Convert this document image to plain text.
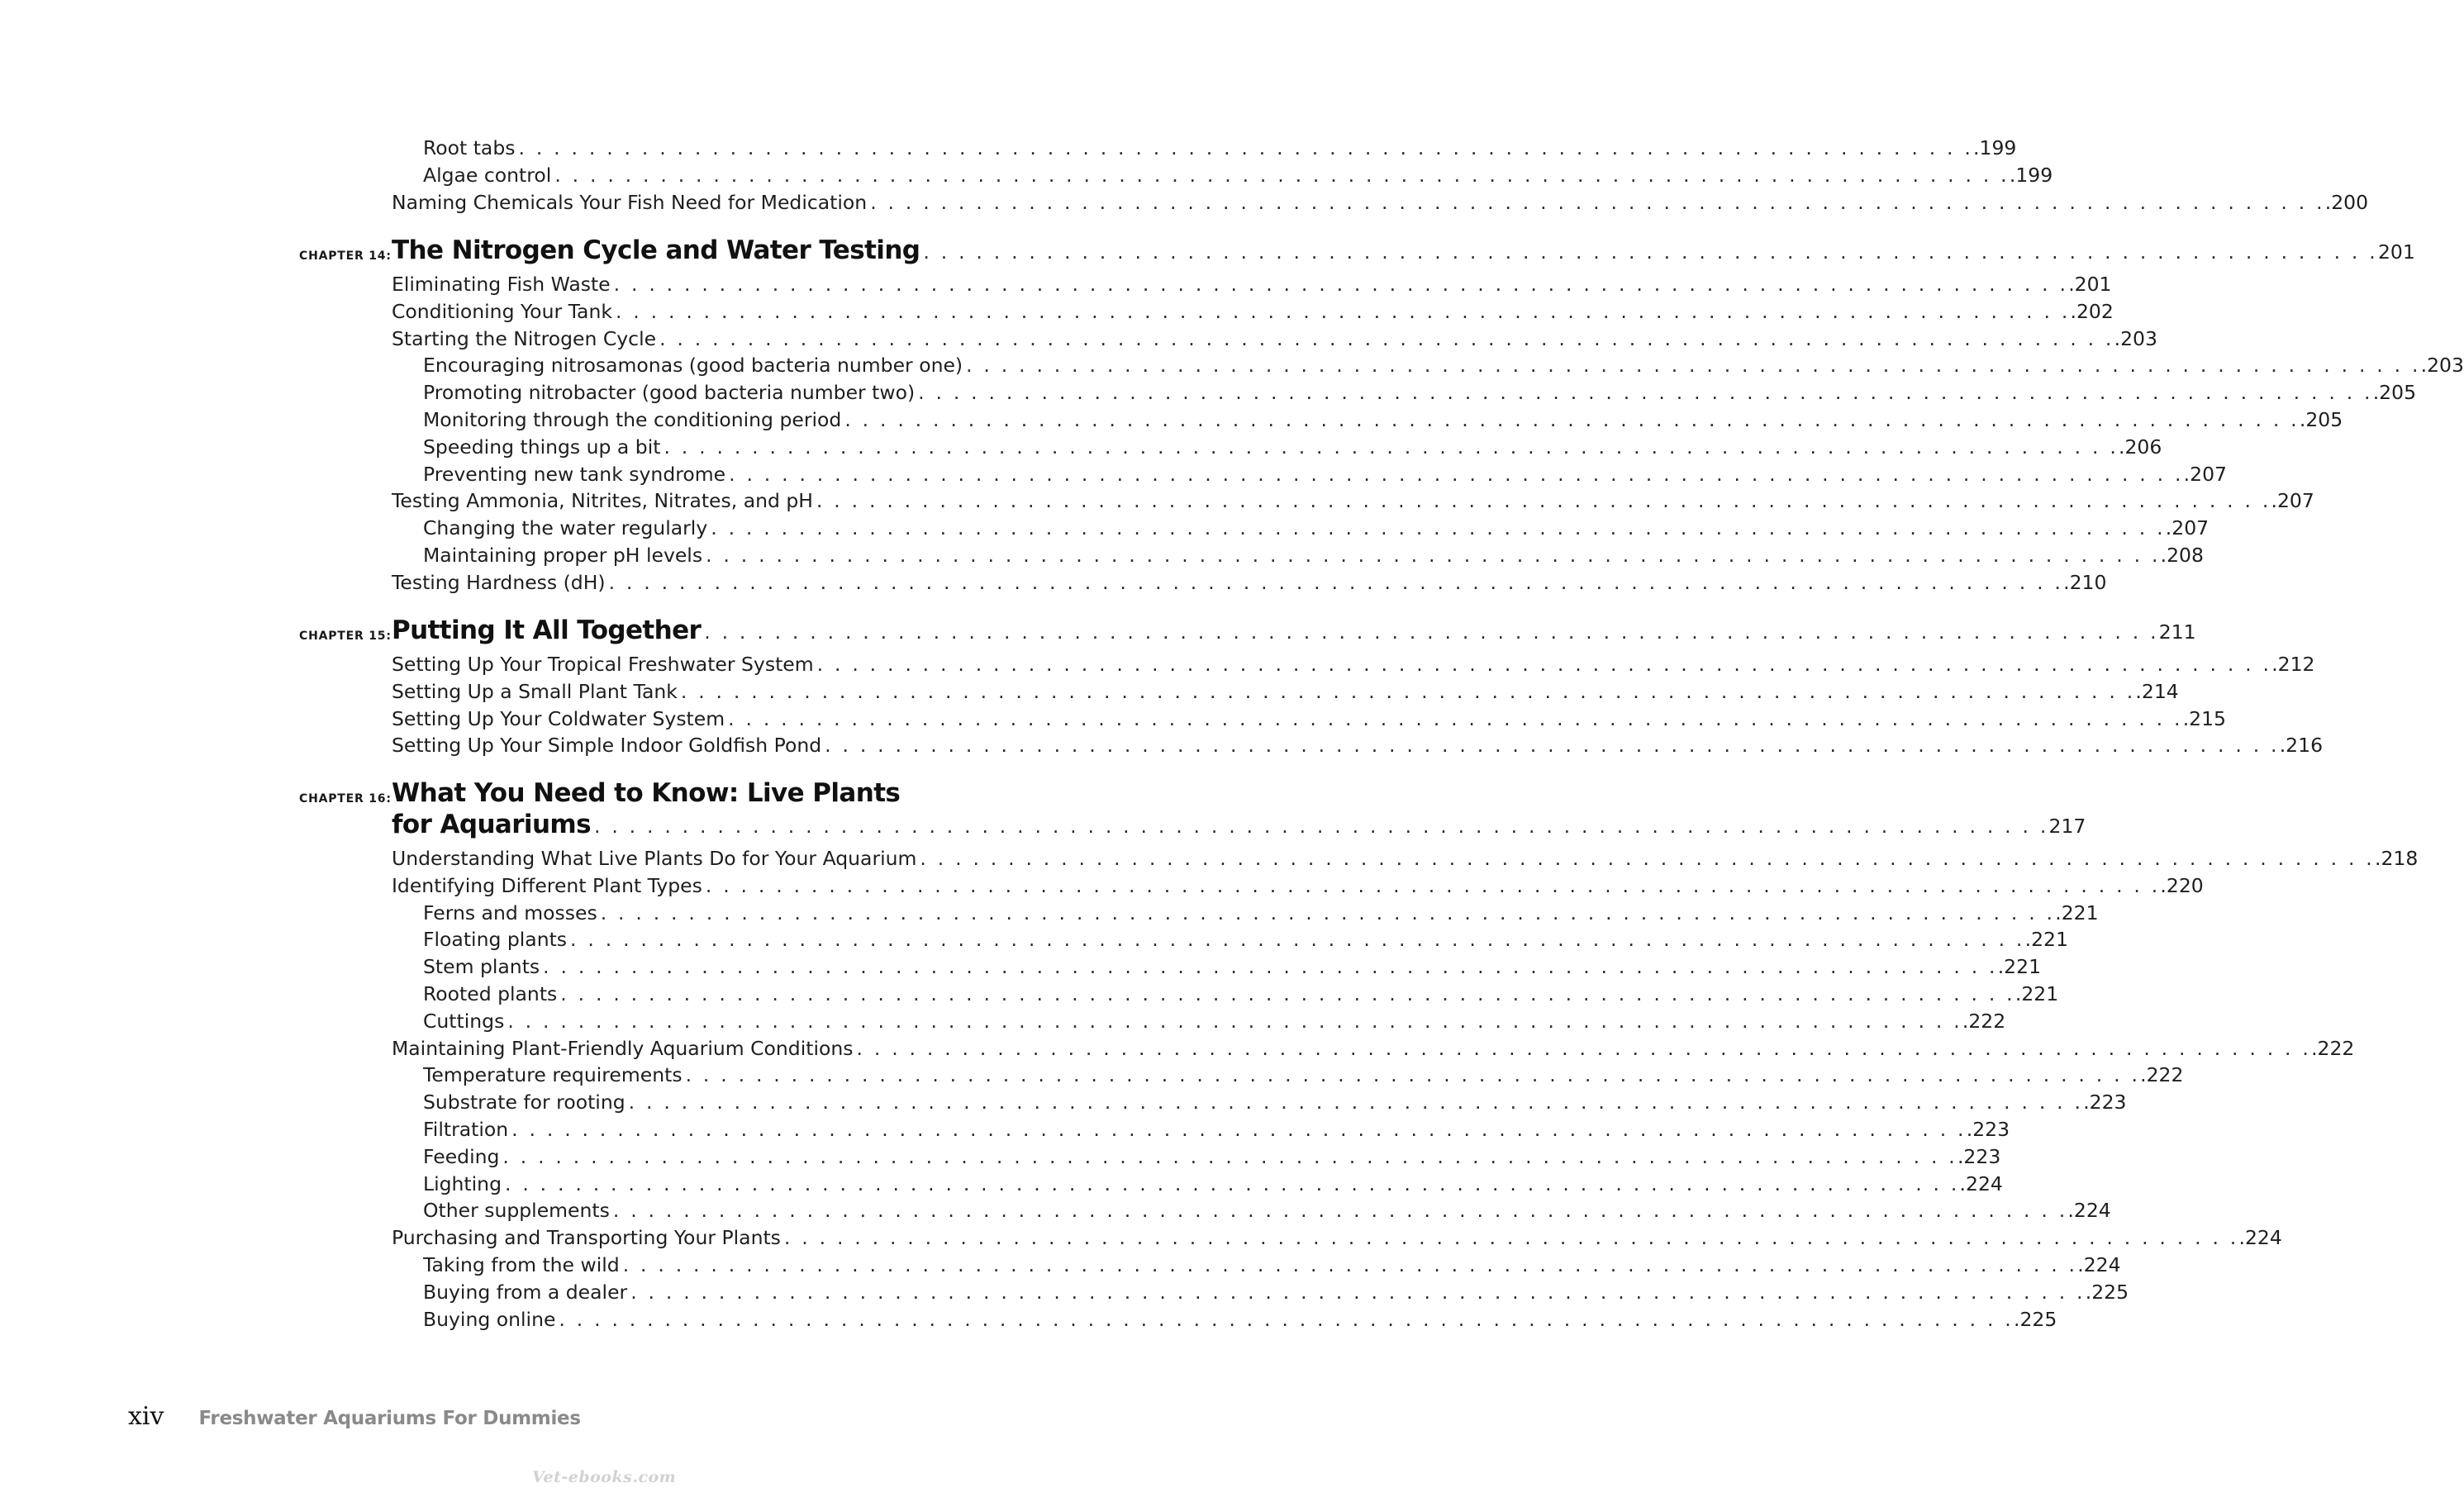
Root tabs . . . . . . . . . . . . . . . . . . . . . . . . . . . . . . . . . . . . . . . . . . . . . . . . . . . . . . . . . . . . . . . . . . . . . . . . . . . . . . . . . . . .199
Algae control . . . . . . . . . . . . . . . . . . . . . . . . . . . . . . . . . . . . . . . . . . . . . . . . . . . . . . . . . . . . . . . . . . . . . . . . . . . . . . . . . . . .199
Naming Chemicals Your Fish Need for Medication . . . . . . . . . . . . . . . . . . . . . . . . . . . . . . . . . . . . . . . . . . . . . . . . . . . . . . . . . . . . . . . . . . . . . . . . . . . . . . . . . . . .200
CHAPTER 14: The Nitrogen Cycle and Water Testing . . . . . . . . . . . . . . . . . . . . . . . . . . . . . . . . . . . . . . . . . . . . . . . . . . . . . . . . . . . . . . . . . . . . . . . . . . . . . . . . . . . 201
Eliminating Fish Waste . . . . . . . . . . . . . . . . . . . . . . . . . . . . . . . . . . . . . . . . . . . . . . . . . . . . . . . . . . . . . . . . . . . . . . . . . . . . . . . . . . . .201
Conditioning Your Tank . . . . . . . . . . . . . . . . . . . . . . . . . . . . . . . . . . . . . . . . . . . . . . . . . . . . . . . . . . . . . . . . . . . . . . . . . . . . . . . . . . . .202
Starting the Nitrogen Cycle . . . . . . . . . . . . . . . . . . . . . . . . . . . . . . . . . . . . . . . . . . . . . . . . . . . . . . . . . . . . . . . . . . . . . . . . . . . . . . . . . . . .203
Encouraging nitrosamonas (good bacteria number one) . . . . . . . . . . . . . . . . . . . . . . . . . . . . . . . . . . . . . . . . . . . . . . . . . . . . . . . . . . . . . . . . . . . . . . . . . . . . . . . . . . . .203
Promoting nitrobacter (good bacteria number two) . . . . . . . . . . . . . . . . . . . . . . . . . . . . . . . . . . . . . . . . . . . . . . . . . . . . . . . . . . . . . . . . . . . . . . . . . . . . . . . . . . . .205
Monitoring through the conditioning period . . . . . . . . . . . . . . . . . . . . . . . . . . . . . . . . . . . . . . . . . . . . . . . . . . . . . . . . . . . . . . . . . . . . . . . . . . . . . . . . . . . .205
Speeding things up a bit . . . . . . . . . . . . . . . . . . . . . . . . . . . . . . . . . . . . . . . . . . . . . . . . . . . . . . . . . . . . . . . . . . . . . . . . . . . . . . . . . . . .206
Preventing new tank syndrome . . . . . . . . . . . . . . . . . . . . . . . . . . . . . . . . . . . . . . . . . . . . . . . . . . . . . . . . . . . . . . . . . . . . . . . . . . . . . . . . . . . .207
Testing Ammonia, Nitrites, Nitrates, and pH . . . . . . . . . . . . . . . . . . . . . . . . . . . . . . . . . . . . . . . . . . . . . . . . . . . . . . . . . . . . . . . . . . . . . . . . . . . . . . . . . . . .207
Changing the water regularly . . . . . . . . . . . . . . . . . . . . . . . . . . . . . . . . . . . . . . . . . . . . . . . . . . . . . . . . . . . . . . . . . . . . . . . . . . . . . . . . . . . .207
Maintaining proper pH levels . . . . . . . . . . . . . . . . . . . . . . . . . . . . . . . . . . . . . . . . . . . . . . . . . . . . . . . . . . . . . . . . . . . . . . . . . . . . . . . . . . . .208
Testing Hardness (dH) . . . . . . . . . . . . . . . . . . . . . . . . . . . . . . . . . . . . . . . . . . . . . . . . . . . . . . . . . . . . . . . . . . . . . . . . . . . . . . . . . . . .210
CHAPTER 15: Putting It All Together . . . . . . . . . . . . . . . . . . . . . . . . . . . . . . . . . . . . . . . . . . . . . . . . . . . . . . . . . . . . . . . . . . . . . . . . . . . . . . . . . . . 211
Setting Up Your Tropical Freshwater System . . . . . . . . . . . . . . . . . . . . . . . . . . . . . . . . . . . . . . . . . . . . . . . . . . . . . . . . . . . . . . . . . . . . . . . . . . . . . . . . . . . .212
Setting Up a Small Plant Tank . . . . . . . . . . . . . . . . . . . . . . . . . . . . . . . . . . . . . . . . . . . . . . . . . . . . . . . . . . . . . . . . . . . . . . . . . . . . . . . . . . . .214
Setting Up Your Coldwater System . . . . . . . . . . . . . . . . . . . . . . . . . . . . . . . . . . . . . . . . . . . . . . . . . . . . . . . . . . . . . . . . . . . . . . . . . . . . . . . . . . . .215
Setting Up Your Simple Indoor Goldfish Pond . . . . . . . . . . . . . . . . . . . . . . . . . . . . . . . . . . . . . . . . . . . . . . . . . . . . . . . . . . . . . . . . . . . . . . . . . . . . . . . . . . . .216
CHAPTER 16: What You Need to Know: Live Plants
for Aquariums . . . . . . . . . . . . . . . . . . . . . . . . . . . . . . . . . . . . . . . . . . . . . . . . . . . . . . . . . . . . . . . . . . . . . . . . . . . . . . . . . . . 217
Understanding What Live Plants Do for Your Aquarium . . . . . . . . . . . . . . . . . . . . . . . . . . . . . . . . . . . . . . . . . . . . . . . . . . . . . . . . . . . . . . . . . . . . . . . . . . . . . . . . . . . .218
Identifying Different Plant Types . . . . . . . . . . . . . . . . . . . . . . . . . . . . . . . . . . . . . . . . . . . . . . . . . . . . . . . . . . . . . . . . . . . . . . . . . . . . . . . . . . . .220
Ferns and mosses . . . . . . . . . . . . . . . . . . . . . . . . . . . . . . . . . . . . . . . . . . . . . . . . . . . . . . . . . . . . . . . . . . . . . . . . . . . . . . . . . . . .221
Floating plants . . . . . . . . . . . . . . . . . . . . . . . . . . . . . . . . . . . . . . . . . . . . . . . . . . . . . . . . . . . . . . . . . . . . . . . . . . . . . . . . . . . .221
Stem plants . . . . . . . . . . . . . . . . . . . . . . . . . . . . . . . . . . . . . . . . . . . . . . . . . . . . . . . . . . . . . . . . . . . . . . . . . . . . . . . . . . . .221
Rooted plants . . . . . . . . . . . . . . . . . . . . . . . . . . . . . . . . . . . . . . . . . . . . . . . . . . . . . . . . . . . . . . . . . . . . . . . . . . . . . . . . . . . .221
Cuttings . . . . . . . . . . . . . . . . . . . . . . . . . . . . . . . . . . . . . . . . . . . . . . . . . . . . . . . . . . . . . . . . . . . . . . . . . . . . . . . . . . . .222
Maintaining Plant-Friendly Aquarium Conditions . . . . . . . . . . . . . . . . . . . . . . . . . . . . . . . . . . . . . . . . . . . . . . . . . . . . . . . . . . . . . . . . . . . . . . . . . . . . . . . . . . . .222
Temperature requirements . . . . . . . . . . . . . . . . . . . . . . . . . . . . . . . . . . . . . . . . . . . . . . . . . . . . . . . . . . . . . . . . . . . . . . . . . . . . . . . . . . . .222
Substrate for rooting . . . . . . . . . . . . . . . . . . . . . . . . . . . . . . . . . . . . . . . . . . . . . . . . . . . . . . . . . . . . . . . . . . . . . . . . . . . . . . . . . . . .223
Filtration . . . . . . . . . . . . . . . . . . . . . . . . . . . . . . . . . . . . . . . . . . . . . . . . . . . . . . . . . . . . . . . . . . . . . . . . . . . . . . . . . . . .223
Feeding . . . . . . . . . . . . . . . . . . . . . . . . . . . . . . . . . . . . . . . . . . . . . . . . . . . . . . . . . . . . . . . . . . . . . . . . . . . . . . . . . . . .223
Lighting . . . . . . . . . . . . . . . . . . . . . . . . . . . . . . . . . . . . . . . . . . . . . . . . . . . . . . . . . . . . . . . . . . . . . . . . . . . . . . . . . . . .224
Other supplements . . . . . . . . . . . . . . . . . . . . . . . . . . . . . . . . . . . . . . . . . . . . . . . . . . . . . . . . . . . . . . . . . . . . . . . . . . . . . . . . . . . .224
Purchasing and Transporting Your Plants . . . . . . . . . . . . . . . . . . . . . . . . . . . . . . . . . . . . . . . . . . . . . . . . . . . . . . . . . . . . . . . . . . . . . . . . . . . . . . . . . . . .224
Taking from the wild . . . . . . . . . . . . . . . . . . . . . . . . . . . . . . . . . . . . . . . . . . . . . . . . . . . . . . . . . . . . . . . . . . . . . . . . . . . . . . . . . . . .224
Buying from a dealer . . . . . . . . . . . . . . . . . . . . . . . . . . . . . . . . . . . . . . . . . . . . . . . . . . . . . . . . . . . . . . . . . . . . . . . . . . . . . . . . . . . .225
Buying online . . . . . . . . . . . . . . . . . . . . . . . . . . . . . . . . . . . . . . . . . . . . . . . . . . . . . . . . . . . . . . . . . . . . . . . . . . . . . . . . . . . .225
xiv Freshwater Aquariums For Dummies
Vet-ebooks.com
